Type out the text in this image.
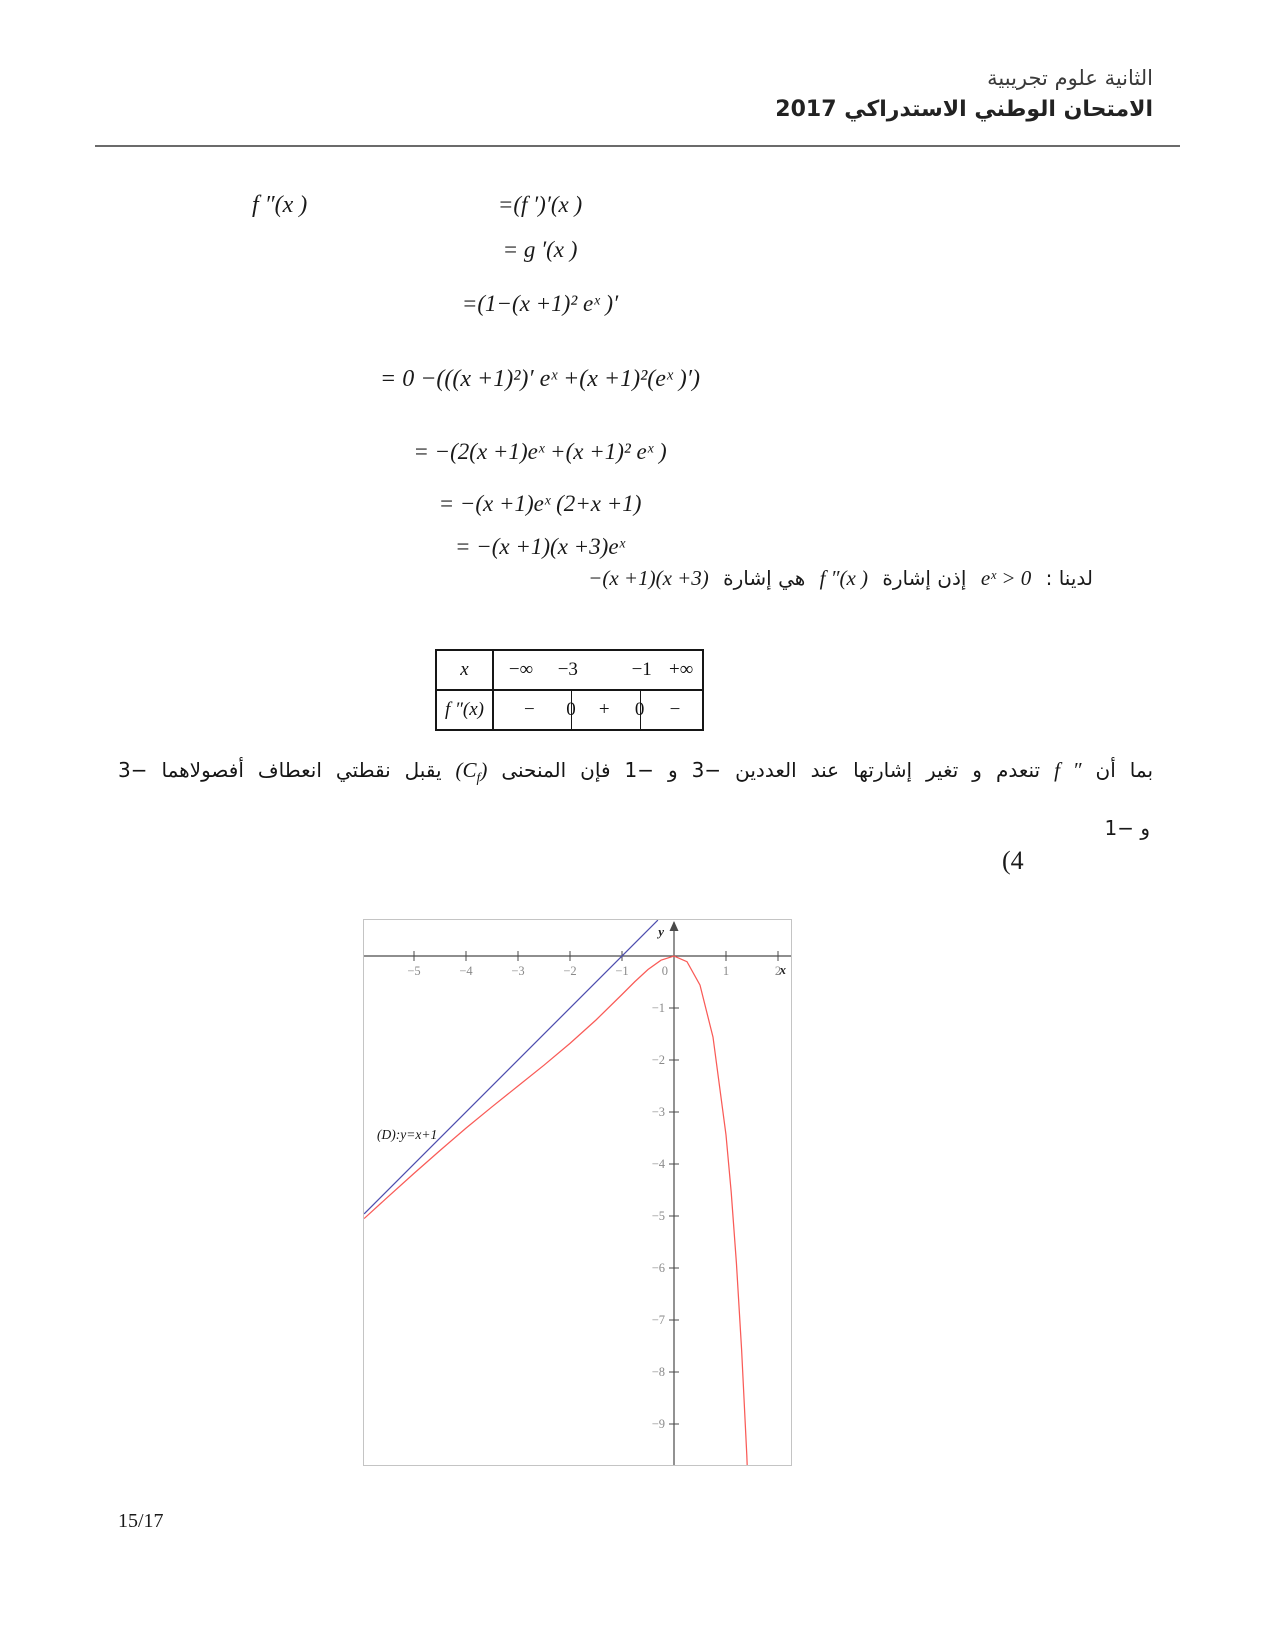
الثانية علوم تجريبية
الامتحان الوطني الاستدراكي 2017
f ″(x )	=(f ′)′(x )
= g ′(x )
=(1−(x +1)² eˣ )′
= 0 −(((x +1)²)′ eˣ +(x +1)²(eˣ )′)
= −(2(x +1)eˣ +(x +1)² eˣ )
= −(x +1)eˣ (2+x +1)
= −(x +1)(x +3)eˣ
لدينا : eˣ > 0 إذن إشارة f ″(x ) هي إشارة −(x +1)(x +3)
x	−∞ −3	−1 +∞
f ″(x)	− 0 + 0 −
بما أن f ″ تنعدم و تغير إشارتها عند العددين −3 و −1 فإن المنحنى $(C_f)$ يقبل نقطتي انعطاف أفصولاهما −3
و −1
(4
−5	−4	−3	−2	−1	0	1	2
−1
−2
−3
−4
−5
−6
−7
−8
−9
x
y
(D):y=x+1
15/17
